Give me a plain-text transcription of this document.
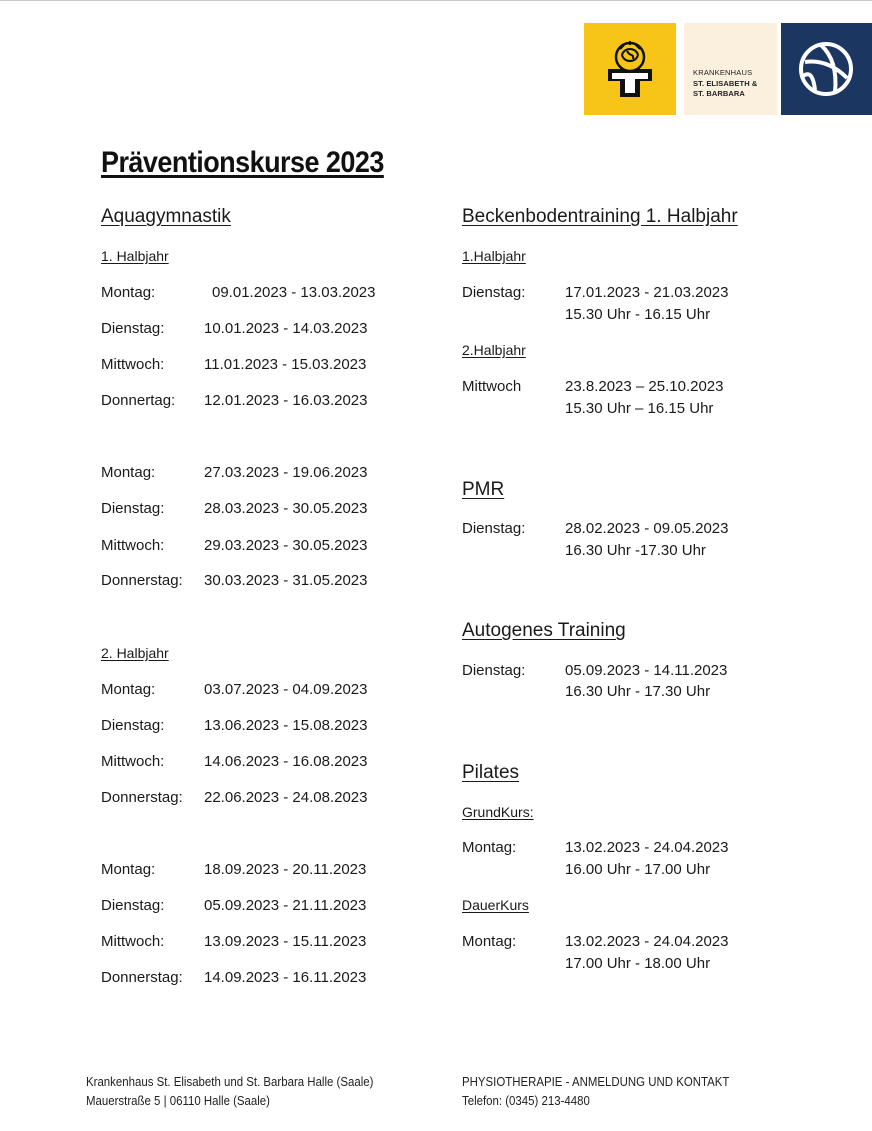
KRANKENHAUS
ST. ELISABETH &
ST. BARBARA
Präventionskurse 2023
Aquagymnastik
1. Halbjahr
Montag:	09.01.2023 - 13.03.2023
Dienstag:	10.01.2023 - 14.03.2023
Mittwoch:	11.01.2023 - 15.03.2023
Donnertag: 12.01.2023 - 16.03.2023
Montag:	27.03.2023 - 19.06.2023
Dienstag:	28.03.2023 - 30.05.2023
Mittwoch:	29.03.2023 - 30.05.2023
Donnerstag: 30.03.2023 - 31.05.2023
2. Halbjahr
Montag:	03.07.2023 - 04.09.2023
Dienstag:	13.06.2023 - 15.08.2023
Mittwoch:	14.06.2023 - 16.08.2023
Donnerstag: 22.06.2023 - 24.08.2023
Montag:	18.09.2023 - 20.11.2023
Dienstag:	05.09.2023 - 21.11.2023
Mittwoch:	13.09.2023 - 15.11.2023
Donnerstag: 14.09.2023 - 16.11.2023
Beckenbodentraining 1. Halbjahr
1.Halbjahr
Dienstag:	17.01.2023 - 21.03.2023
15.30 Uhr - 16.15 Uhr
2.Halbjahr
Mittwoch	23.8.2023 – 25.10.2023
15.30 Uhr – 16.15 Uhr
PMR
Dienstag:	28.02.2023 - 09.05.2023
16.30 Uhr -17.30 Uhr
Autogenes Training
Dienstag:	05.09.2023 - 14.11.2023
16.30 Uhr - 17.30 Uhr
Pilates
GrundKurs:
Montag:	13.02.2023 - 24.04.2023
16.00 Uhr - 17.00 Uhr
DauerKurs
Montag:	13.02.2023 - 24.04.2023
17.00 Uhr - 18.00 Uhr
Krankenhaus St. Elisabeth und St. Barbara Halle (Saale)
Mauerstraße 5 | 06110 Halle (Saale)
PHYSIOTHERAPIE - ANMELDUNG UND KONTAKT
Telefon: (0345) 213-4480
